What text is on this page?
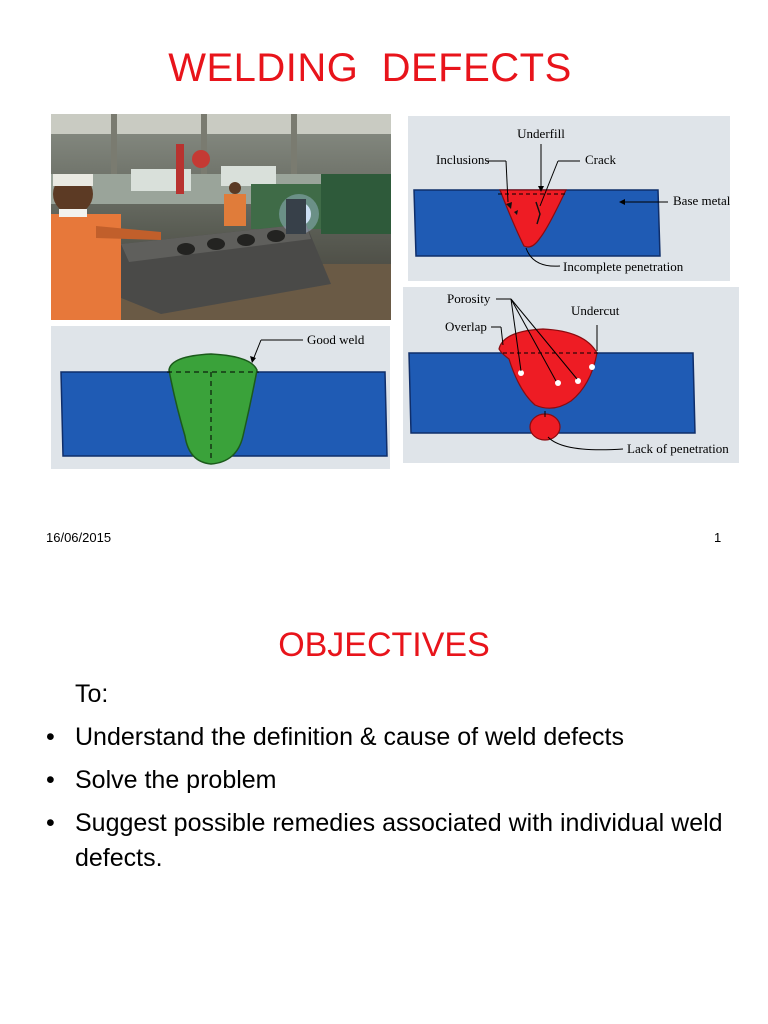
WELDING  DEFECTS
Underfill
Inclusions	Crack
Base metal
Incomplete penetration
Good weld
Porosity
Undercut
Overlap
Lack of penetration
16/06/2015	1
OBJECTIVES
To:
• Understand the definition & cause of weld defects
• Solve the problem
• Suggest possible remedies associated with individual weld defects.
